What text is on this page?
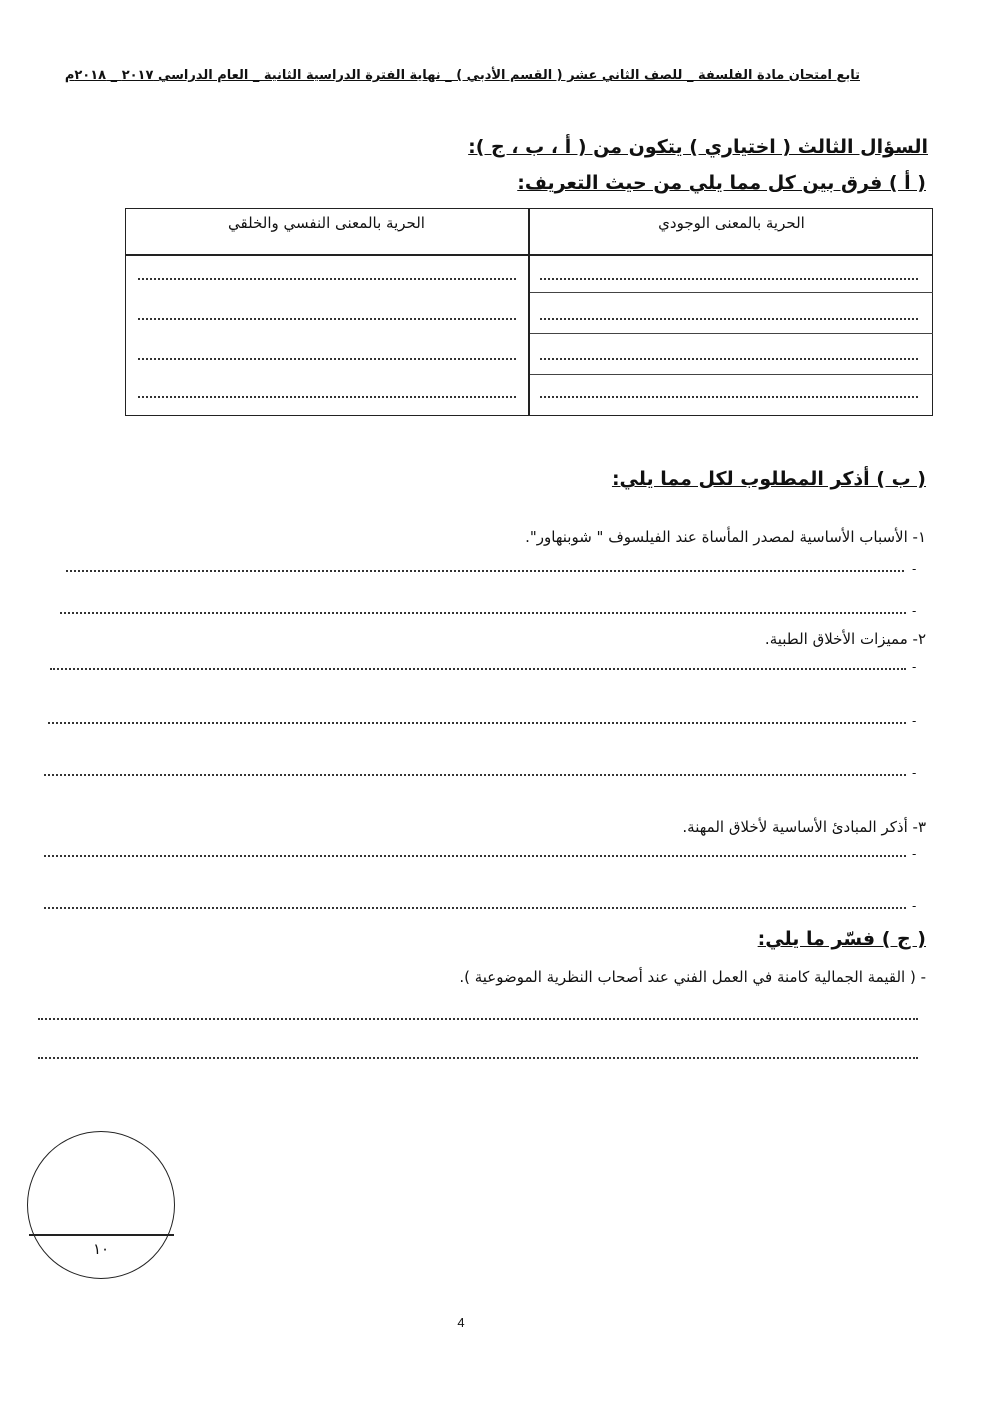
تابع امتحان مادة الفلسفة _ للصف الثاني عشر ( القسم الأدبي ) _ نهاية الفترة الدراسية الثانية _ العام الدراسي ٢٠١٧ _ ٢٠١٨م
السؤال الثالث ( اختياري ) يتكون من ( أ ، ب ، ج ):
( أ ) فرق بين كل مما يلي من حيث التعريف:
الحرية بالمعنى الوجودي
الحرية بالمعنى النفسي والخلقي
( ب ) أذكر المطلوب لكل مما يلي:
١- الأسباب الأساسية لمصدر المأساة عند الفيلسوف " شوبنهاور".
-
-
٢- مميزات الأخلاق الطبية.
-
-
-
٣- أذكر المبادئ الأساسية لأخلاق المهنة.
-
-
( ج ) فسّر ما يلي:
- ( القيمة الجمالية كامنة في العمل الفني عند أصحاب النظرية الموضوعية ).
١٠
4
